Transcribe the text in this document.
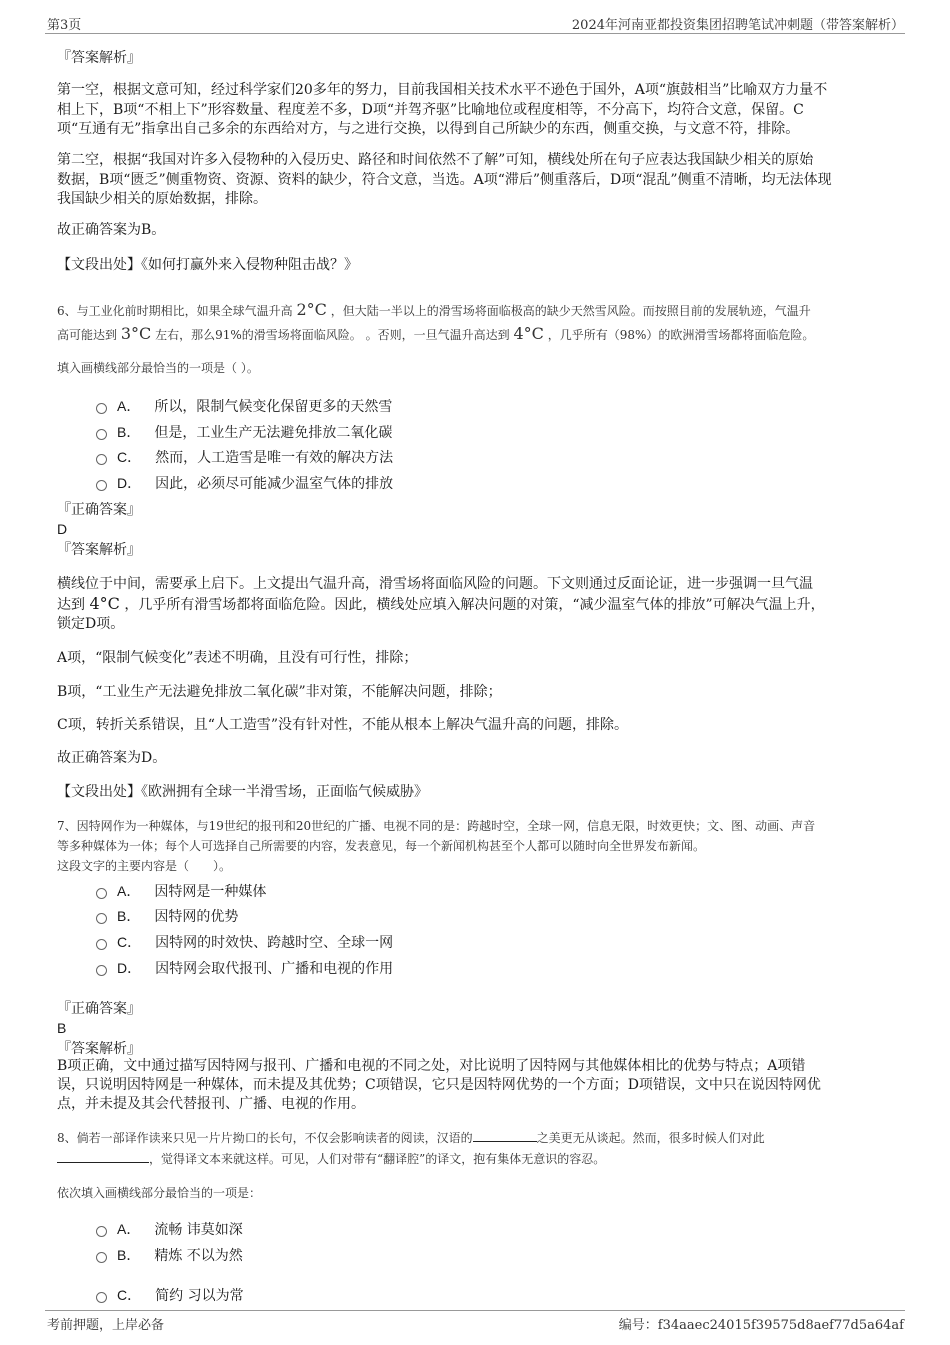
第3页	2024年河南亚都投资集团招聘笔试冲刺题（带答案解析）
『答案解析』
第一空，根据文意可知，经过科学家们20多年的努力，目前我国相关技术水平不逊色于国外，A项“旗鼓相当”比喻双方力量不
相上下，B项“不相上下”形容数量、程度差不多，D项“并驾齐驱”比喻地位或程度相等，不分高下，均符合文意，保留。C
项“互通有无”指拿出自己多余的东西给对方，与之进行交换，以得到自己所缺少的东西，侧重交换，与文意不符，排除。
第二空，根据“我国对许多入侵物种的入侵历史、路径和时间依然不了解”可知，横线处所在句子应表达我国缺少相关的原始
数据，B项“匮乏”侧重物资、资源、资料的缺少，符合文意，当选。A项“滞后”侧重落后，D项“混乱”侧重不清晰，均无法体现
我国缺少相关的原始数据，排除。
故正确答案为B。
【文段出处】《如何打赢外来入侵物种阻击战？》
6、与工业化前时期相比，如果全球气温升高 2°C ，但大陆一半以上的滑雪场将面临极高的缺少天然雪风险。而按照目前的发展轨迹，气温升
高可能达到 3°C 左右，那么91%的滑雪场将面临风险。 。否则，一旦气温升高达到 4°C ，几乎所有（98%）的欧洲滑雪场都将面临危险。
填入画横线部分最恰当的一项是（ ）。
A． 所以，限制气候变化保留更多的天然雪
B． 但是，工业生产无法避免排放二氧化碳
C． 然而，人工造雪是唯一有效的解决方法
D． 因此，必须尽可能减少温室气体的排放
『正确答案』
D
『答案解析』
横线位于中间，需要承上启下。上文提出气温升高，滑雪场将面临风险的问题。下文则通过反面论证，进一步强调一旦气温
达到 4°C ，几乎所有滑雪场都将面临危险。因此，横线处应填入解决问题的对策，“减少温室气体的排放”可解决气温上升，
锁定D项。
A项，“限制气候变化”表述不明确，且没有可行性，排除；
B项，“工业生产无法避免排放二氧化碳”非对策，不能解决问题，排除；
C项，转折关系错误，且“人工造雪”没有针对性，不能从根本上解决气温升高的问题，排除。
故正确答案为D。
【文段出处】《欧洲拥有全球一半滑雪场，正面临气候威胁》
7、因特网作为一种媒体，与19世纪的报刊和20世纪的广播、电视不同的是：跨越时空，全球一网，信息无限，时效更快；文、图、动画、声音
等多种媒体为一体；每个人可选择自己所需要的内容，发表意见，每一个新闻机构甚至个人都可以随时向全世界发布新闻。
这段文字的主要内容是（　　）。
A． 因特网是一种媒体
B． 因特网的优势
C． 因特网的时效快、跨越时空、全球一网
D． 因特网会取代报刊、广播和电视的作用
『正确答案』
B
『答案解析』
B项正确，文中通过描写因特网与报刊、广播和电视的不同之处，对比说明了因特网与其他媒体相比的优势与特点；A项错
误，只说明因特网是一种媒体，而未提及其优势；C项错误，它只是因特网优势的一个方面；D项错误，文中只在说因特网优
点，并未提及其会代替报刊、广播、电视的作用。
8、倘若一部译作读来只见一片片拗口的长句，不仅会影响读者的阅读，汉语的	之美更无从谈起。然而，很多时候人们对此
，觉得译文本来就这样。可见，人们对带有“翻译腔”的译文，抱有集体无意识的容忍。
依次填入画横线部分最恰当的一项是：
A． 流畅 讳莫如深
B． 精炼 不以为然
C． 简约 习以为常
考前押题，上岸必备	编号：f34aaec24015f39575d8aef77d5a64af
